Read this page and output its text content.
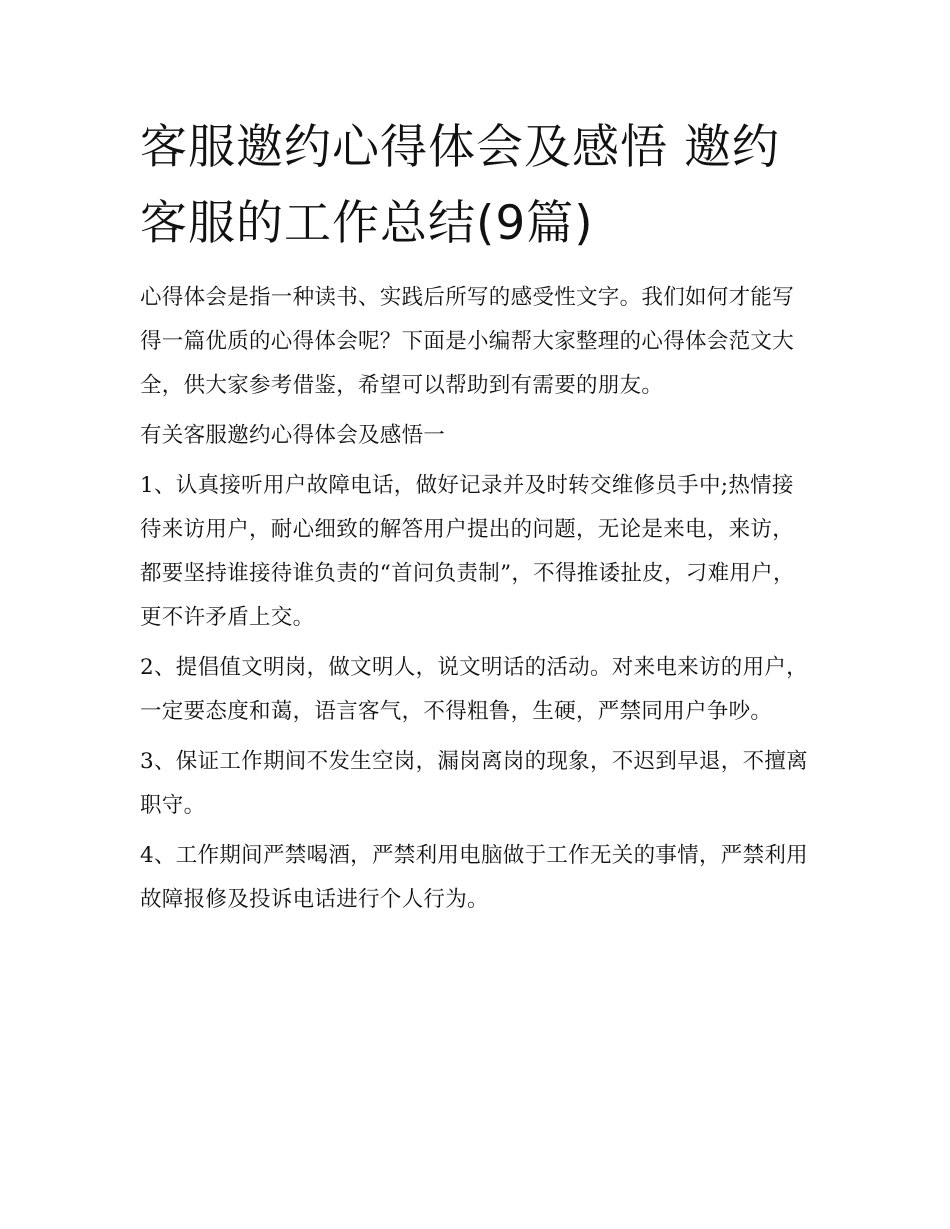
客服邀约心得体会及感悟 邀约客服的工作总结(9篇)

心得体会是指一种读书、实践后所写的感受性文字。我们如何才能写得一篇优质的心得体会呢？下面是小编帮大家整理的心得体会范文大全，供大家参考借鉴，希望可以帮助到有需要的朋友。

有关客服邀约心得体会及感悟一

1、认真接听用户故障电话，做好记录并及时转交维修员手中;热情接待来访用户，耐心细致的解答用户提出的问题，无论是来电，来访，都要坚持谁接待谁负责的“首问负责制”，不得推诿扯皮，刁难用户，更不许矛盾上交。

2、提倡值文明岗，做文明人，说文明话的活动。对来电来访的用户，一定要态度和蔼，语言客气，不得粗鲁，生硬，严禁同用户争吵。

3、保证工作期间不发生空岗，漏岗离岗的现象，不迟到早退，不擅离职守。

4、工作期间严禁喝酒，严禁利用电脑做于工作无关的事情，严禁利用故障报修及投诉电话进行个人行为。
